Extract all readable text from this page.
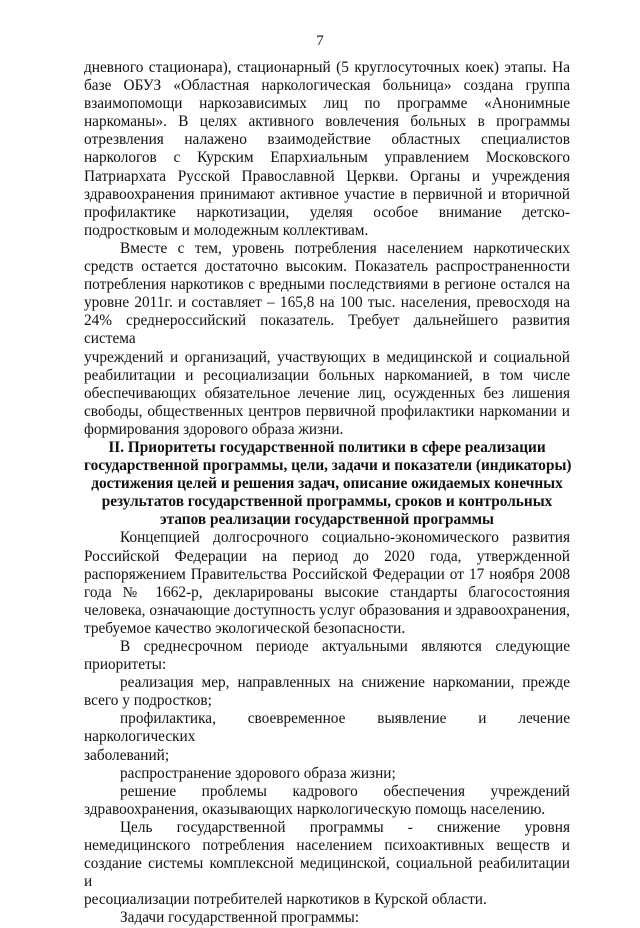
7
дневного стационара), стационарный (5 круглосуточных коек) этапы. На
базе ОБУЗ «Областная наркологическая больница» создана группа
взаимопомощи наркозависимых лиц по программе «Анонимные
наркоманы». В целях активного вовлечения больных в программы
отрезвления налажено взаимодействие областных специалистов
наркологов с Курским Епархиальным управлением Московского
Патриархата Русской Православной Церкви. Органы и учреждения
здравоохранения принимают активное участие в первичной и вторичной
профилактике наркотизации, уделяя особое внимание детско-
подростковым и молодежным коллективам.
Вместе с тем, уровень потребления населением наркотических
средств остается достаточно высоким. Показатель распространенности
потребления наркотиков с вредными последствиями в регионе остался на
уровне 2011г. и составляет – 165,8 на 100 тыс. населения, превосходя на
24% среднероссийский показатель. Требует дальнейшего развития система
учреждений и организаций, участвующих в медицинской и социальной
реабилитации и ресоциализации больных наркоманией, в том числе
обеспечивающих обязательное лечение лиц, осужденных без лишения
свободы, общественных центров первичной профилактики наркомании и
формирования здорового образа жизни.
II. Приоритеты государственной политики в сфере реализации
государственной программы, цели, задачи и показатели (индикаторы)
достижения целей и решения задач, описание ожидаемых конечных
результатов государственной программы, сроков и контрольных
этапов реализации государственной программы
Концепцией долгосрочного социально-экономического развития
Российской Федерации на период до 2020 года, утвержденной
распоряжением Правительства Российской Федерации от 17 ноября 2008
года № 1662-р, декларированы высокие стандарты благосостояния
человека, означающие доступность услуг образования и здравоохранения,
требуемое качество экологической безопасности.
В среднесрочном периоде актуальными являются следующие
приоритеты:
реализация мер, направленных на снижение наркомании, прежде
всего у подростков;
профилактика, своевременное выявление и лечение наркологических
заболеваний;
распространение здорового образа жизни;
решение проблемы кадрового обеспечения учреждений
здравоохранения, оказывающих наркологическую помощь населению.
Цель государственной программы - снижение уровня
немедицинского потребления населением психоактивных веществ и
создание системы комплексной медицинской, социальной реабилитации и
ресоциализации потребителей наркотиков в Курской области.
Задачи государственной программы:
